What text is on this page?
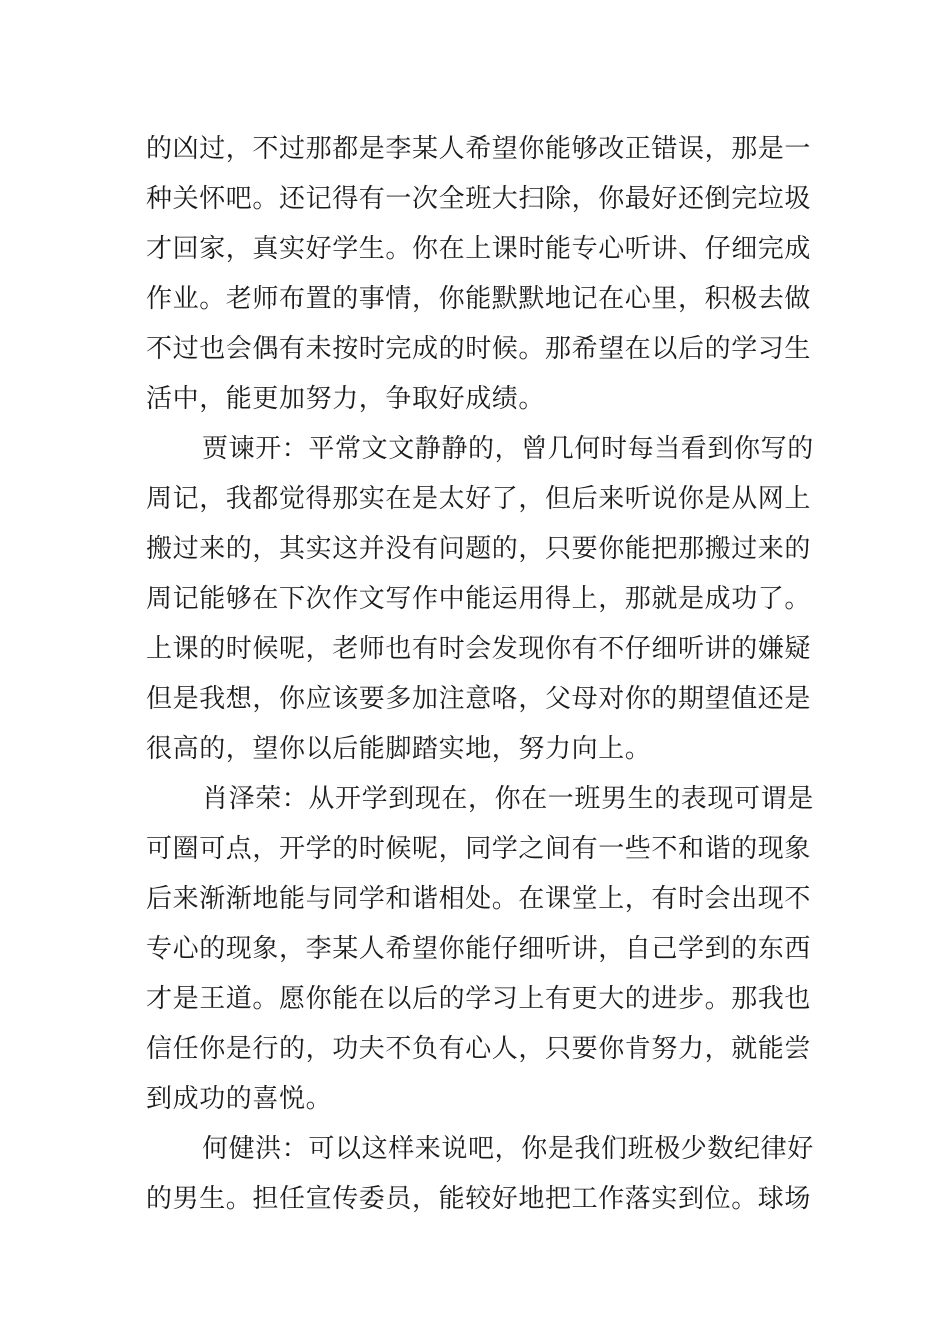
的凶过，不过那都是李某人希望你能够改正错误，那是一
种关怀吧。还记得有一次全班大扫除，你最好还倒完垃圾
才回家，真实好学生。你在上课时能专心听讲、仔细完成
作业。老师布置的事情，你能默默地记在心里，积极去做
不过也会偶有未按时完成的时候。那希望在以后的学习生
活中，能更加努力，争取好成绩。
贾谏开：平常文文静静的，曾几何时每当看到你写的
周记，我都觉得那实在是太好了，但后来听说你是从网上
搬过来的，其实这并没有问题的，只要你能把那搬过来的
周记能够在下次作文写作中能运用得上，那就是成功了。
上课的时候呢，老师也有时会发现你有不仔细听讲的嫌疑
但是我想，你应该要多加注意咯，父母对你的期望值还是
很高的，望你以后能脚踏实地，努力向上。
肖泽荣：从开学到现在，你在一班男生的表现可谓是
可圈可点，开学的时候呢，同学之间有一些不和谐的现象
后来渐渐地能与同学和谐相处。在课堂上，有时会出现不
专心的现象，李某人希望你能仔细听讲，自己学到的东西
才是王道。愿你能在以后的学习上有更大的进步。那我也
信任你是行的，功夫不负有心人，只要你肯努力，就能尝
到成功的喜悦。
何健洪：可以这样来说吧，你是我们班极少数纪律好
的男生。担任宣传委员，能较好地把工作落实到位。球场
